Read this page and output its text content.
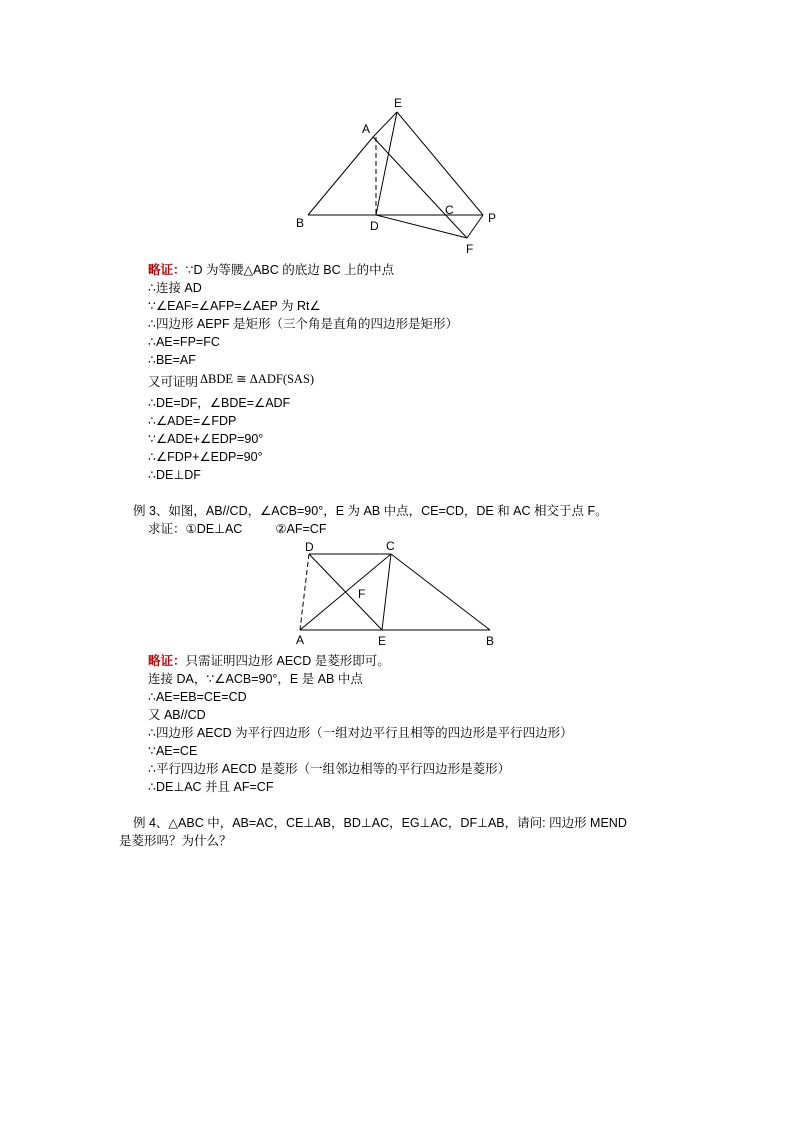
E
A
B	D
C
P
F
略证：∵D 为等腰△ABC 的底边 BC 上的中点
∴连接 AD
∵∠EAF=∠AFP=∠AEP 为 Rt∠
∴四边形 AEPF 是矩形（三个角是直角的四边形是矩形）
∴AE=FP=FC
∴BE=AF
又可证明 ΔBDE ≅ ΔADF(SAS)
∴DE=DF，∠BDE=∠ADF
∴∠ADE=∠FDP
∵∠ADE+∠EDP=90°
∴∠FDP+∠EDP=90°
∴DE⊥DF
例 3、如图，AB//CD，∠ACB=90°，E 为 AB 中点，CE=CD，DE 和 AC 相交于点 F。
求证：①DE⊥AC	②AF=CF
D	C
F
A	E	B
略证：只需证明四边形 AECD 是菱形即可。
连接 DA，∵∠ACB=90°，E 是 AB 中点
∴AE=EB=CE=CD
又 AB//CD
∴四边形 AECD 为平行四边形（一组对边平行且相等的四边形是平行四边形）
∵AE=CE
∴平行四边形 AECD 是菱形（一组邻边相等的平行四边形是菱形）
∴DE⊥AC 并且 AF=CF
例 4、△ABC 中，AB=AC，CE⊥AB，BD⊥AC，EG⊥AC，DF⊥AB，请问: 四边形 MEND
是菱形吗？为什么？
